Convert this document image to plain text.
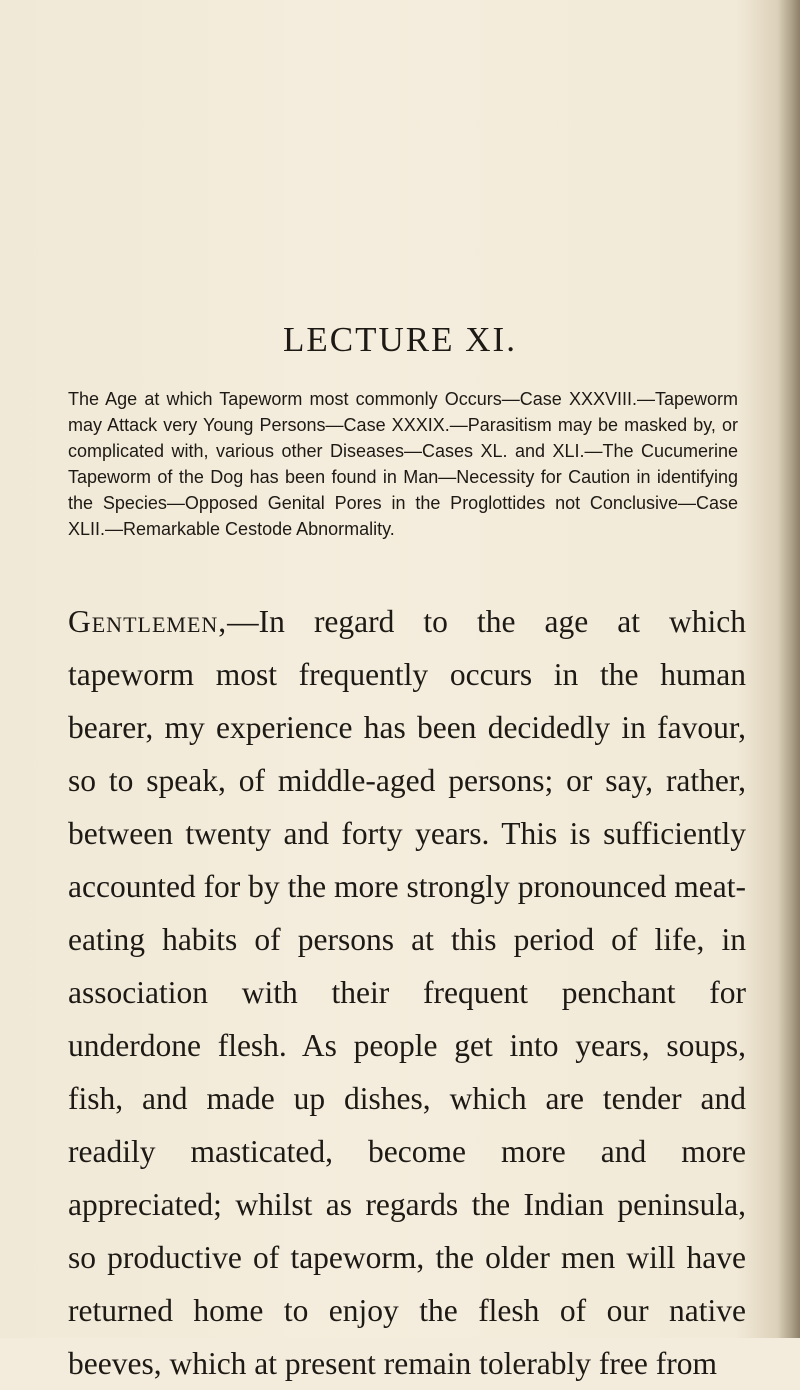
LECTURE XI.

The Age at which Tapeworm most commonly Occurs—Case XXXVIII.—Tapeworm may Attack very Young Persons—Case XXXIX.—Parasitism may be masked by, or complicated with, various other Diseases—Cases XL. and XLI.—The Cucumerine Tapeworm of the Dog has been found in Man—Necessity for Caution in identifying the Species—Opposed Genital Pores in the Proglottides not Conclusive—Case XLII.—Remarkable Cestode Abnormality.

Gentlemen,—In regard to the age at which tapeworm most frequently occurs in the human bearer, my experience has been decidedly in favour, so to speak, of middle-aged persons; or say, rather, between twenty and forty years. This is sufficiently accounted for by the more strongly pronounced meat-eating habits of persons at this period of life, in association with their frequent penchant for underdone flesh. As people get into years, soups, fish, and made up dishes, which are tender and readily masticated, become more and more appreciated; whilst as regards the Indian peninsula, so productive of tapeworm, the older men will have returned home to enjoy the flesh of our native beeves, which at present remain tolerably free from
